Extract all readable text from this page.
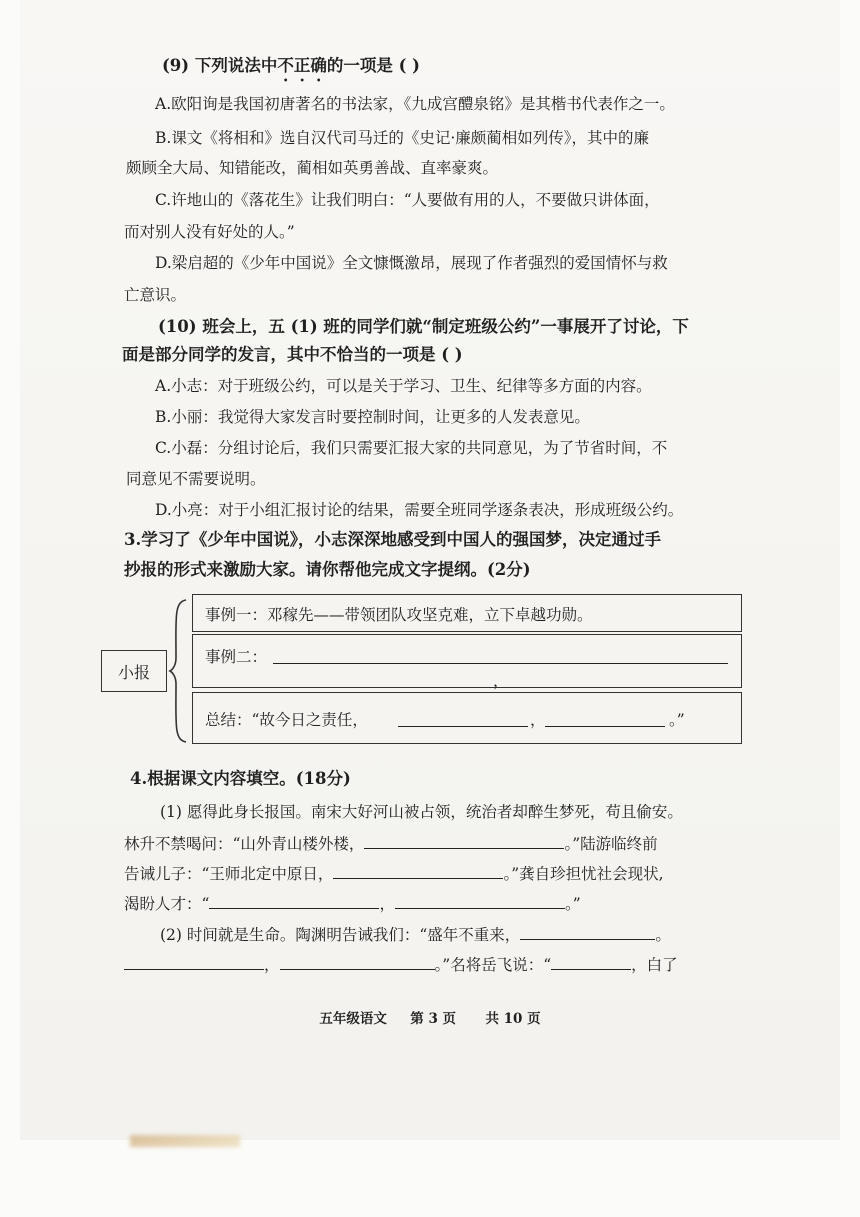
(9) 下列说法中不正确的一项是 ( )
A.欧阳询是我国初唐著名的书法家，《九成宫醴泉铭》是其楷书代表作之一。
B.课文《将相和》选自汉代司马迁的《史记·廉颇蔺相如列传》，其中的廉
颇顾全大局、知错能改，蔺相如英勇善战、直率豪爽。
C.许地山的《落花生》让我们明白：“人要做有用的人，不要做只讲体面，
而对别人没有好处的人。”
D.梁启超的《少年中国说》全文慷慨激昂，展现了作者强烈的爱国情怀与救
亡意识。
(10) 班会上，五 (1) 班的同学们就“制定班级公约”一事展开了讨论，下
面是部分同学的发言，其中不恰当的一项是 ( )
A.小志：对于班级公约，可以是关于学习、卫生、纪律等多方面的内容。
B.小丽：我觉得大家发言时要控制时间，让更多的人发表意见。
C.小磊：分组讨论后，我们只需要汇报大家的共同意见，为了节省时间，不
同意见不需要说明。
D.小亮：对于小组汇报讨论的结果，需要全班同学逐条表决，形成班级公约。
3.学习了《少年中国说》，小志深深地感受到中国人的强国梦，决定通过手
抄报的形式来激励大家。请你帮他完成文字提纲。(2分)
小报
事例一：邓稼先——带领团队攻坚克难，立下卓越功勋。
事例二：
，
总结：“故今日之责任，	，	。”
4.根据课文内容填空。(18分)
(1) 愿得此身长报国。南宋大好河山被占领，统治者却醉生梦死，苟且偷安。
林升不禁喝问：“山外青山楼外楼，	。”陆游临终前
告诫儿子：“王师北定中原日，	。”龚自珍担忧社会现状,
渴盼人才：“	，	。”
(2) 时间就是生命。陶渊明告诫我们：“盛年不重来，	。
，	。”名将岳飞说：“	，白了
五年级语文 第 3 页 共 10 页
